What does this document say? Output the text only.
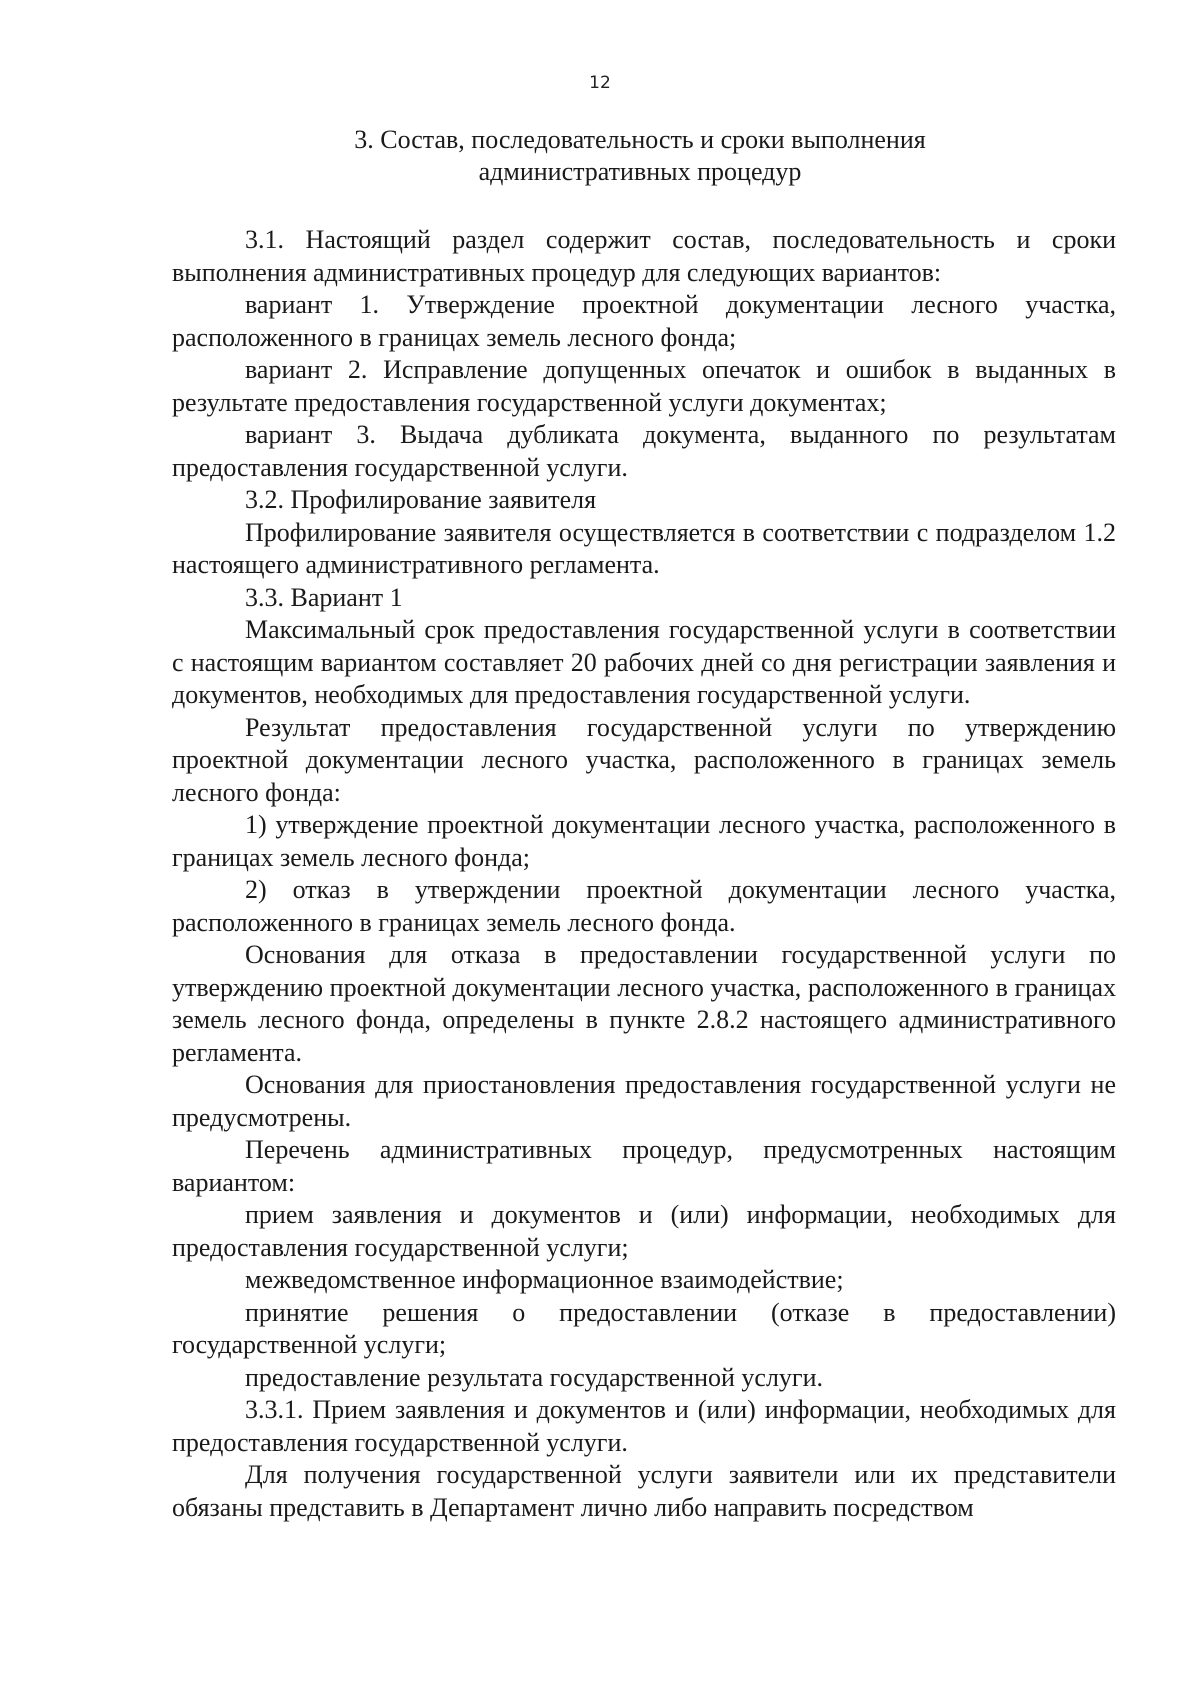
12
3. Состав, последовательность и сроки выполнения
административных процедур

3.1. Настоящий раздел содержит состав, последовательность и сроки выполнения административных процедур для следующих вариантов:

вариант 1. Утверждение проектной документации лесного участка, расположенного в границах земель лесного фонда;

вариант 2. Исправление допущенных опечаток и ошибок в выданных в результате предоставления государственной услуги документах;

вариант 3. Выдача дубликата документа, выданного по результатам предоставления государственной услуги.

3.2. Профилирование заявителя

Профилирование заявителя осуществляется в соответствии с подразделом 1.2 настоящего административного регламента.

3.3. Вариант 1

Максимальный срок предоставления государственной услуги в соответствии с настоящим вариантом составляет 20 рабочих дней со дня регистрации заявления и документов, необходимых для предоставления государственной услуги.

Результат предоставления государственной услуги по утверждению проектной документации лесного участка, расположенного в границах земель лесного фонда:

1) утверждение проектной документации лесного участка, расположенного в границах земель лесного фонда;

2) отказ в утверждении проектной документации лесного участка, расположенного в границах земель лесного фонда.

Основания для отказа в предоставлении государственной услуги по утверждению проектной документации лесного участка, расположенного в границах земель лесного фонда, определены в пункте 2.8.2 настоящего административного регламента.

Основания для приостановления предоставления государственной услуги не предусмотрены.

Перечень административных процедур, предусмотренных настоящим вариантом:

прием заявления и документов и (или) информации, необходимых для предоставления государственной услуги;

межведомственное информационное взаимодействие;

принятие решения о предоставлении (отказе в предоставлении) государственной услуги;

предоставление результата государственной услуги.

3.3.1. Прием заявления и документов и (или) информации, необходимых для предоставления государственной услуги.

Для получения государственной услуги заявители или их представители обязаны представить в Департамент лично либо направить посредством
